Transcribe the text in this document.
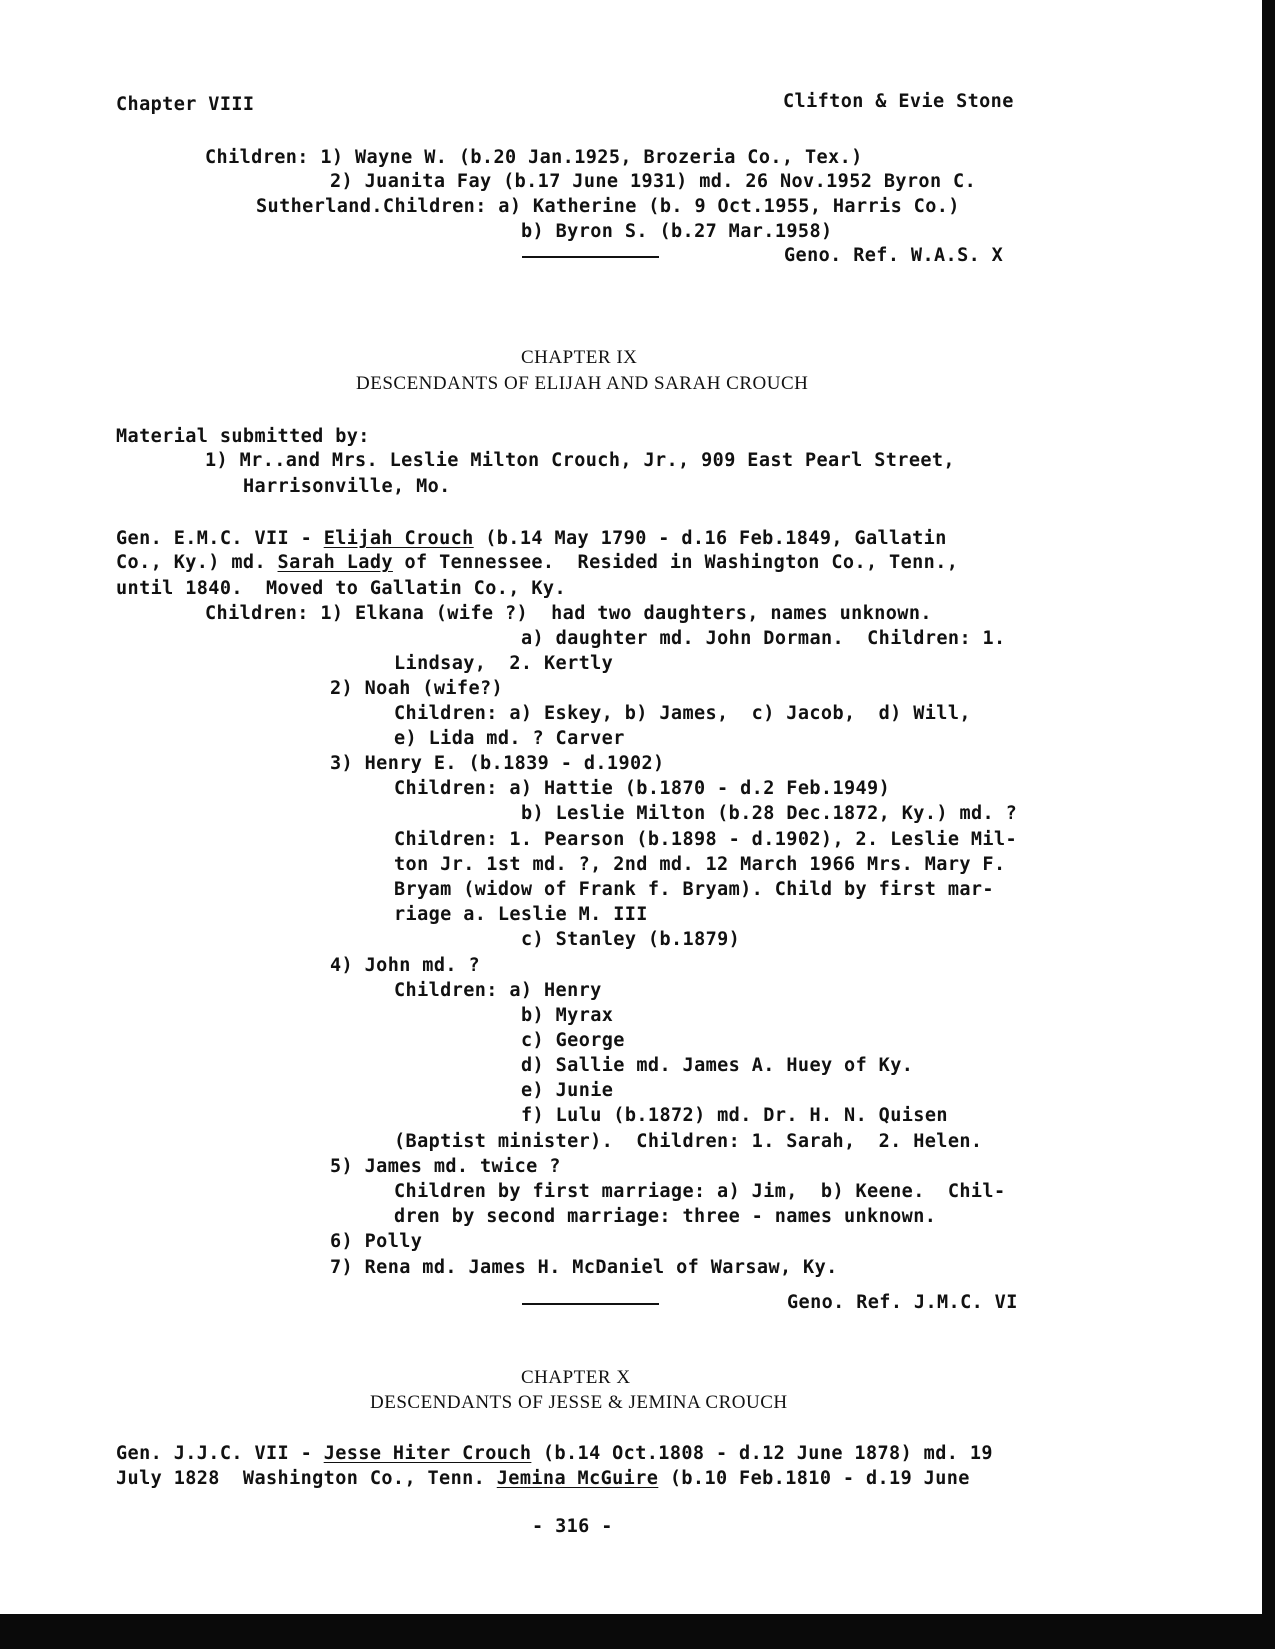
Chapter VIII	Clifton & Evie Stone
Children: 1) Wayne W. (b.20 Jan.1925, Brozeria Co., Tex.)
2) Juanita Fay (b.17 June 1931) md. 26 Nov.1952 Byron C.
Sutherland.Children: a) Katherine (b. 9 Oct.1955, Harris Co.)
b) Byron S. (b.27 Mar.1958)
Geno. Ref. W.A.S. X
CHAPTER IX
DESCENDANTS OF ELIJAH AND SARAH CROUCH
Material submitted by:
1) Mr..and Mrs. Leslie Milton Crouch, Jr., 909 East Pearl Street,
Harrisonville, Mo.
Gen. E.M.C. VII - Elijah Crouch (b.14 May 1790 - d.16 Feb.1849, Gallatin
Co., Ky.) md. Sarah Lady of Tennessee.  Resided in Washington Co., Tenn.,
until 1840.  Moved to Gallatin Co., Ky.
Children: 1) Elkana (wife ?)  had two daughters, names unknown.
a) daughter md. John Dorman.  Children: 1.
Lindsay,  2. Kertly
2) Noah (wife?)
Children: a) Eskey, b) James,  c) Jacob,  d) Will,
e) Lida md. ? Carver
3) Henry E. (b.1839 - d.1902)
Children: a) Hattie (b.1870 - d.2 Feb.1949)
b) Leslie Milton (b.28 Dec.1872, Ky.) md. ?
Children: 1. Pearson (b.1898 - d.1902), 2. Leslie Mil-
ton Jr. 1st md. ?, 2nd md. 12 March 1966 Mrs. Mary F.
Bryam (widow of Frank f. Bryam). Child by first mar-
riage a. Leslie M. III
c) Stanley (b.1879)
4) John md. ?
Children: a) Henry
b) Myrax
c) George
d) Sallie md. James A. Huey of Ky.
e) Junie
f) Lulu (b.1872) md. Dr. H. N. Quisen
(Baptist minister).  Children: 1. Sarah,  2. Helen.
5) James md. twice ?
Children by first marriage: a) Jim,  b) Keene.  Chil-
dren by second marriage: three - names unknown.
6) Polly
7) Rena md. James H. McDaniel of Warsaw, Ky.
Geno. Ref. J.M.C. VI
CHAPTER X
DESCENDANTS OF JESSE & JEMINA CROUCH
Gen. J.J.C. VII - Jesse Hiter Crouch (b.14 Oct.1808 - d.12 June 1878) md. 19
July 1828  Washington Co., Tenn. Jemina McGuire (b.10 Feb.1810 - d.19 June
- 316 -
